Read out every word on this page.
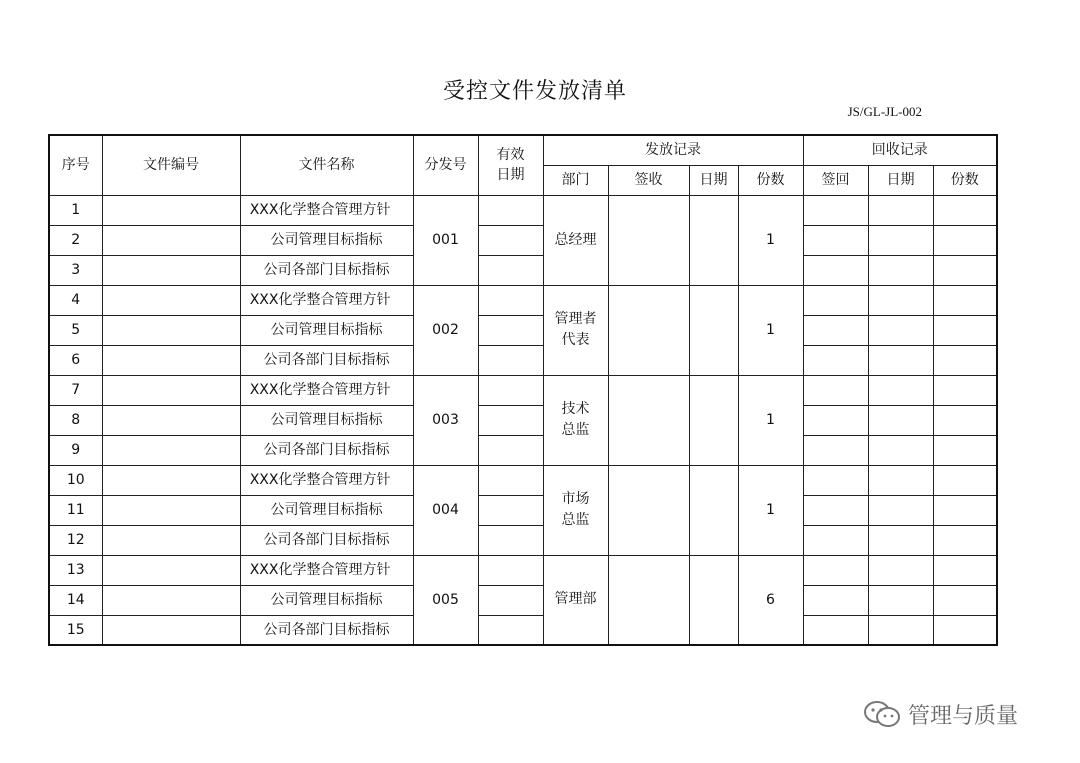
受控文件发放清单
JS/GL-JL-002
序号	文件编号	文件名称	分发号	有效日期	发放记录				回收记录		
					部门	签收	日期	份数	签回	日期	份数
1		XXX化学整合管理方针	001		总经理			1			
2		公司管理目标指标									
3		公司各部门目标指标									
4		XXX化学整合管理方针	002		管理者代表			1			
5		公司管理目标指标									
6		公司各部门目标指标									
7		XXX化学整合管理方针	003		技术总监			1			
8		公司管理目标指标									
9		公司各部门目标指标									
10		XXX化学整合管理方针	004		市场总监			1			
11		公司管理目标指标									
12		公司各部门目标指标									
13		XXX化学整合管理方针	005		管理部			6			
14		公司管理目标指标									
15		公司各部门目标指标									
管理与质量
